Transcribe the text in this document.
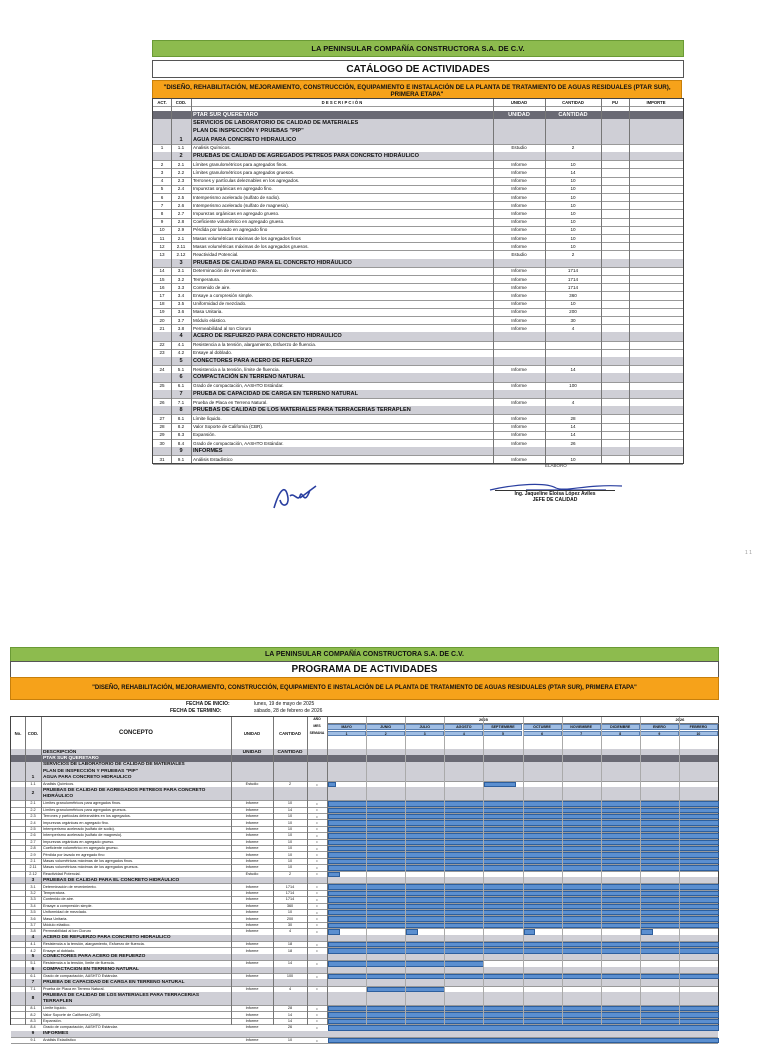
LA PENINSULAR COMPAÑÍA CONSTRUCTORA S.A. DE C.V.
CATÁLOGO DE ACTIVIDADES
"DISEÑO, REHABILITACIÓN, MEJORAMIENTO, CONSTRUCCIÓN, EQUIPAMIENTO E INSTALACIÓN DE LA PLANTA DE TRATAMIENTO DE AGUAS RESIDUALES (PTAR SUR), PRIMERA ETAPA"
ACT.	COD.	D E S C R I P C I Ó N	UNIDAD	CANTIDAD	PU	IMPORTE
PTAR SUR QUERETARO	UNIDAD	CANTIDAD
SERVICIOS DE LABORATORIO DE CALIDAD DE MATERIALES
PLAN DE INSPECCIÓN Y PRUEBAS "PIP"
1	AGUA PARA CONCRETO HIDRAULICO
1	1.1	Analisis Químicos.	Estudio	2
2	PRUEBAS DE CALIDAD DE AGREGADOS PETREOS PARA CONCRETO HIDRÁULICO
2	2.1	Límites granulométricos para agregados finos.	Informe	10
3	2.2	Límites granulométricos para agregados gruesos.	Informe	14
4	2.3	Terrones y partículas deleznables en los agregados.	Informe	10
5	2.4	Impurezas orgánicas en agregado fino.	Informe	10
6	2.5	Intemperismo acelerado (sulfato de sodio).	Informe	10
7	2.6	Intemperismo acelerado (sulfato de magnesio).	Informe	10
8	2.7	Impurezas orgánicas en agregado grueso.	Informe	10
9	2.8	Coeficiente volumétrico en agregado grueso.	Informe	10
10	2.9	Pérdida por lavado en agregado fino	Informe	10
11	2.1	Masas volumétricas máximas de los agregados finos	Informe	10
12	2.11	Masas volumétricas máximas de los agregados gruesos.	Informe	10
13	2.12	Reactividad Potencial.	Estudio	2
3	PRUEBAS DE CALIDAD PARA EL CONCRETO HIDRÁULICO
14	3.1	Determinación de revenimiento.	Informe	1714
15	3.2	Temperatura.	Informe	1714
16	3.3	Contenido de aire.	Informe	1714
17	3.4	Ensaye a compresión simple.	Informe	360
18	3.5	Uniformidad de mezclado.	Informe	10
19	3.6	Masa Unitaria.	Informe	200
20	3.7	Módulo elástico.	Informe	30
21	3.8	Permeabilidad al Ion Cloruro	Informe	4
4	ACERO DE REFUERZO PARA CONCRETO HIDRAULICO
22	4.1	Resistencia a la tensión, alargamiento, Esfuerzo de fluencia.
23	4.2	Ensaye al doblado.
5	CONECTORES PARA ACERO DE REFUERZO
24	5.1	Resistencia a la tensión, límite de fluencia.	Informe	14
6	COMPACTACIÓN EN TERRENO NATURAL
25	6.1	Grado de compactación, AASHTO Estándar.	Informe	100
7	PRUEBA DE CAPACIDAD DE CARGA EN TERRENO NATURAL
26	7.1	Prueba de Placa en Terreno Natural.	Informe	4
8	PRUEBAS DE CALIDAD DE LOS MATERIALES PARA TERRACERIAS TERRAPLEN
27	8.1	Límite líquido.	Informe	28
28	8.2	Valor Soporte de California (CBR).	Informe	14
29	8.3	Expansión.	Informe	14
30	8.4	Grado de compactación, AASHTO Estándar.	Informe	26
9	INFORMES
31	9.1	Análisis Estadístico	Informe	10
ELABORÓ
Ing. Jaqueline Eloisa López Aviles
JEFE DE CALIDAD
LA PENINSULAR COMPAÑÍA CONSTRUCTORA S.A. DE C.V.
PROGRAMA DE ACTIVIDADES
"DISEÑO, REHABILITACIÓN, MEJORAMIENTO, CONSTRUCCIÓN, EQUIPAMIENTO E INSTALACIÓN DE LA PLANTA DE TRATAMIENTO DE AGUAS RESIDUALES (PTAR SUR), PRIMERA ETAPA"
FECHA DE INICIO:	lunes, 19 de mayo de 2025
FECHA DE TERMINO:	sábado, 28 de febrero de 2026
No.	COD.	CONCEPTO	UNIDAD	CANTIDAD
AÑO
MES
SEMANA
2025	2026
MAYO
1
JUNIO
2
JULIO
3
AGOSTO
4
SEPTIEMBRE
5
OCTUBRE
6
NOVIEMBRE
7
DICIEMBRE
8
ENERO
9
FEBRERO
10
DESCRIPCIÓN	UNIDAD	CANTIDAD
PTAR SUR QUERETARO
SERVICIOS DE LABORATORIO DE CALIDAD DE MATERIALES
PLAN DE INSPECCIÓN Y PRUEBAS "PIP"
1	AGUA PARA CONCRETO HIDRAULICO
1.1	Analisis Químicos.	Estudio	2	•
2
PRUEBAS DE CALIDAD DE AGREGADOS PETREOS PARA CONCRETO HIDRÁULICO
2.1	Límites granulométricos para agregados finos.	Informe	10	•
2.2	Límites granulométricos para agregados gruesos.	Informe	14	•
2.3	Terrones y partículas deleznables en los agregados.	Informe	10	•
2.4	Impurezas orgánicas en agregado fino.	Informe	10	•
2.5	Intemperismo acelerado (sulfato de sodio).	Informe	10	•
2.6	Intemperismo acelerado (sulfato de magnesio).	Informe	10	•
2.7	Impurezas orgánicas en agregado grueso.	Informe	10	•
2.8	Coeficiente volumétrico en agregado grueso.	Informe	10	•
2.9	Pérdida por lavado en agregado fino	Informe	10	•
2.1	Masas volumétricas máximas de los agregados finos.	Informe	10	•
2.11	Masas volumétricas máximas de los agregados gruesos.	Informe	10	•
2.12	Reactividad Potencial.	Estudio	2	•
3	PRUEBAS DE CALIDAD PARA EL CONCRETO HIDRÁULICO
3.1	Determinación de revenimiento.	Informe	1714	•
3.2	Temperatura.	Informe	1714	•
3.3	Contenido de aire.	Informe	1714	•
3.4	Ensaye a compresión simple.	Informe	360	•
3.5	Uniformidad de mezclado.	Informe	10	•
3.6	Masa Unitaria.	Informe	200	•
3.7	Módulo elástico.	Informe	30	•
3.8	Permeabilidad al Ion Cloruro	Informe	4	•
4	ACERO DE REFUERZO PARA CONCRETO HIDRAULICO
4.1	Resistencia a la tensión, alargamiento, Esfuerzo de fluencia.	Informe	18	•
4.2	Ensaye al doblado.	Informe	18	•
5	CONECTORES PARA ACERO DE REFUERZO
5.1	Resistencia a la tensión, límite de fluencia.	Informe	14	•
6	COMPACTACIÓN EN TERRENO NATURAL
6.1	Grado de compactación, AASHTO Estándar.	Informe	100	•
7	PRUEBA DE CAPACIDAD DE CARGA EN TERRENO NATURAL
7.1	Prueba de Placa en Terreno Natural.	Informe	4	•
8
PRUEBAS DE CALIDAD DE LOS MATERIALES PARA TERRACERIAS TERRAPLEN
8.1	Límite líquido.	Informe	28	•
8.2	Valor Soporte de California (CBR).	Informe	14	•
8.3	Expansión.	Informe	14	•
8.4	Grado de compactación, AASHTO Estándar.	Informe	26	•
9	INFORMES
9.1	Análisis Estadístico	Informe	10	•
1 1
